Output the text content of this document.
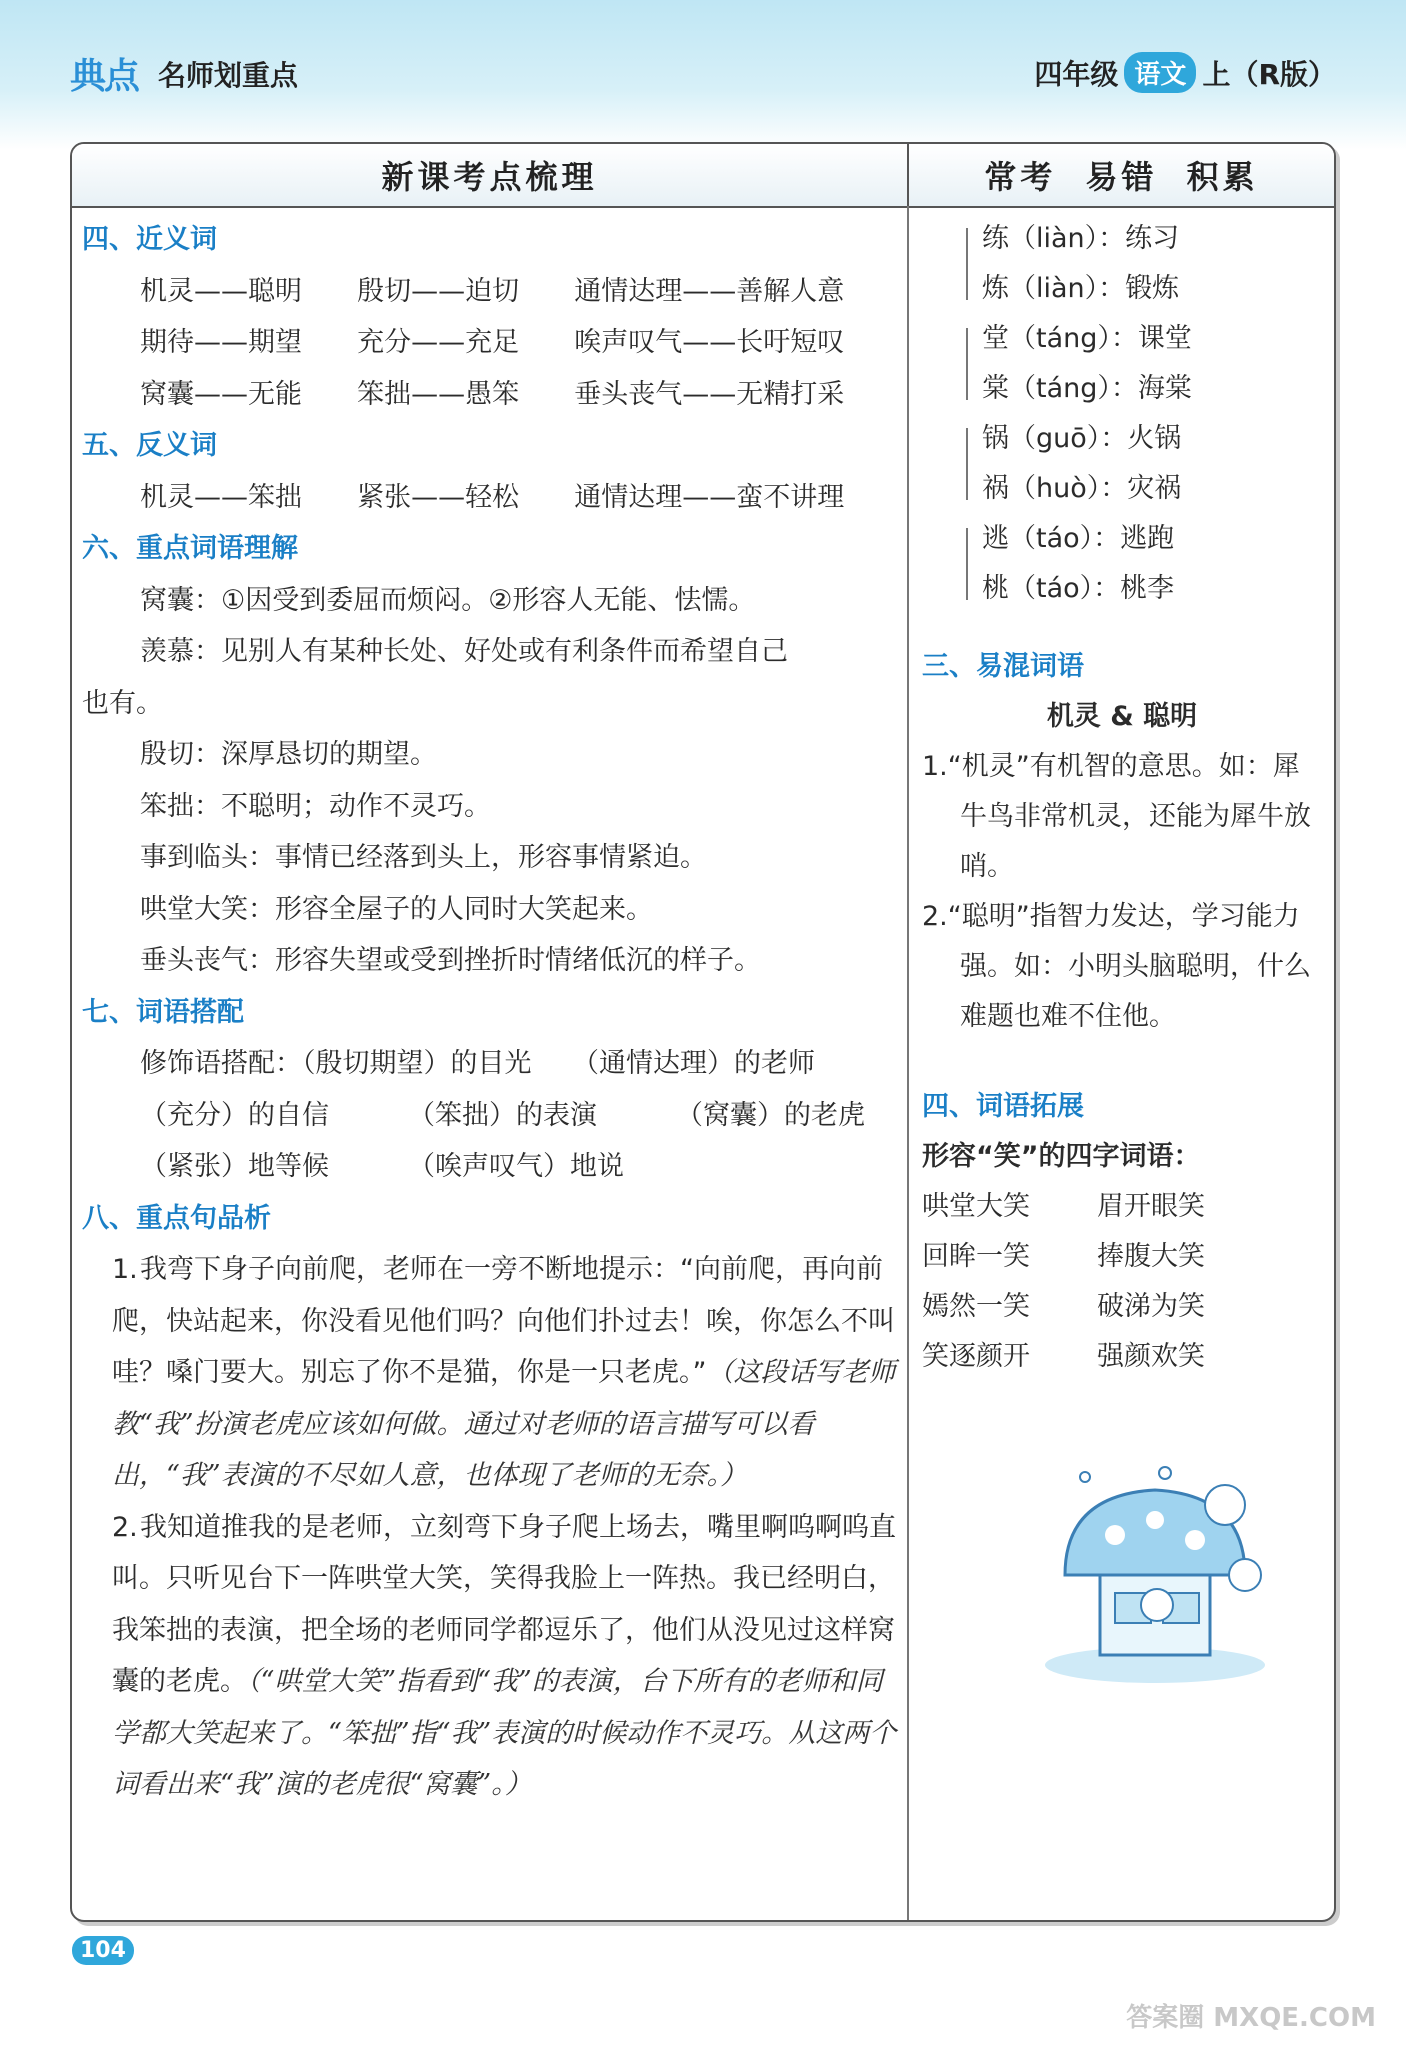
典点 名师划重点	四年级 语文 上（R版）
新课考点梳理	常考 易错 积累
四、近义词
机灵——聪明	殷切——迫切	通情达理——善解人意
期待——期望	充分——充足	唉声叹气——长吁短叹
窝囊——无能	笨拙——愚笨	垂头丧气——无精打采
五、反义词
机灵——笨拙	紧张——轻松	通情达理——蛮不讲理
六、重点词语理解
窝囊：①因受到委屈而烦闷。②形容人无能、怯懦。
羡慕：见别人有某种长处、好处或有利条件而希望自己
也有。
殷切：深厚恳切的期望。
笨拙：不聪明；动作不灵巧。
事到临头：事情已经落到头上，形容事情紧迫。
哄堂大笑：形容全屋子的人同时大笑起来。
垂头丧气：形容失望或受到挫折时情绪低沉的样子。
七、词语搭配
修饰语搭配：（殷切期望）的目光　　（通情达理）的老师
（充分）的自信	（笨拙）的表演	（窝囊）的老虎
（紧张）地等候	（唉声叹气）地说
八、重点句品析
1.我弯下身子向前爬，老师在一旁不断地提示：“向前爬，再向前爬，快站起来，你没看见他们吗？向他们扑过去！唉，你怎么不叫哇？嗓门要大。别忘了你不是猫，你是一只老虎。”（这段话写老师教“我”扮演老虎应该如何做。通过对老师的语言描写可以看出，“我”表演的不尽如人意，也体现了老师的无奈。）
2.我知道推我的是老师，立刻弯下身子爬上场去，嘴里啊呜啊呜直叫。只听见台下一阵哄堂大笑，笑得我脸上一阵热。我已经明白，我笨拙的表演，把全场的老师同学都逗乐了，他们从没见过这样窝囊的老虎。（“哄堂大笑”指看到“我”的表演，台下所有的老师和同学都大笑起来了。“笨拙”指“我”表演的时候动作不灵巧。从这两个词看出来“我”演的老虎很“窝囊”。）
练（liàn）：练习
炼（liàn）：锻炼
堂（táng）：课堂
棠（táng）：海棠
锅（guō）：火锅
祸（huò）：灾祸
逃（táo）：逃跑
桃（táo）：桃李
三、易混词语
机灵 & 聪明
1.“机灵”有机智的意思。如：犀牛鸟非常机灵，还能为犀牛放哨。
2.“聪明”指智力发达，学习能力强。如：小明头脑聪明，什么难题也难不住他。
四、词语拓展
形容“笑”的四字词语：
哄堂大笑	眉开眼笑
回眸一笑	捧腹大笑
嫣然一笑	破涕为笑
笑逐颜开	强颜欢笑
104
答案圈 MXQE.COM
